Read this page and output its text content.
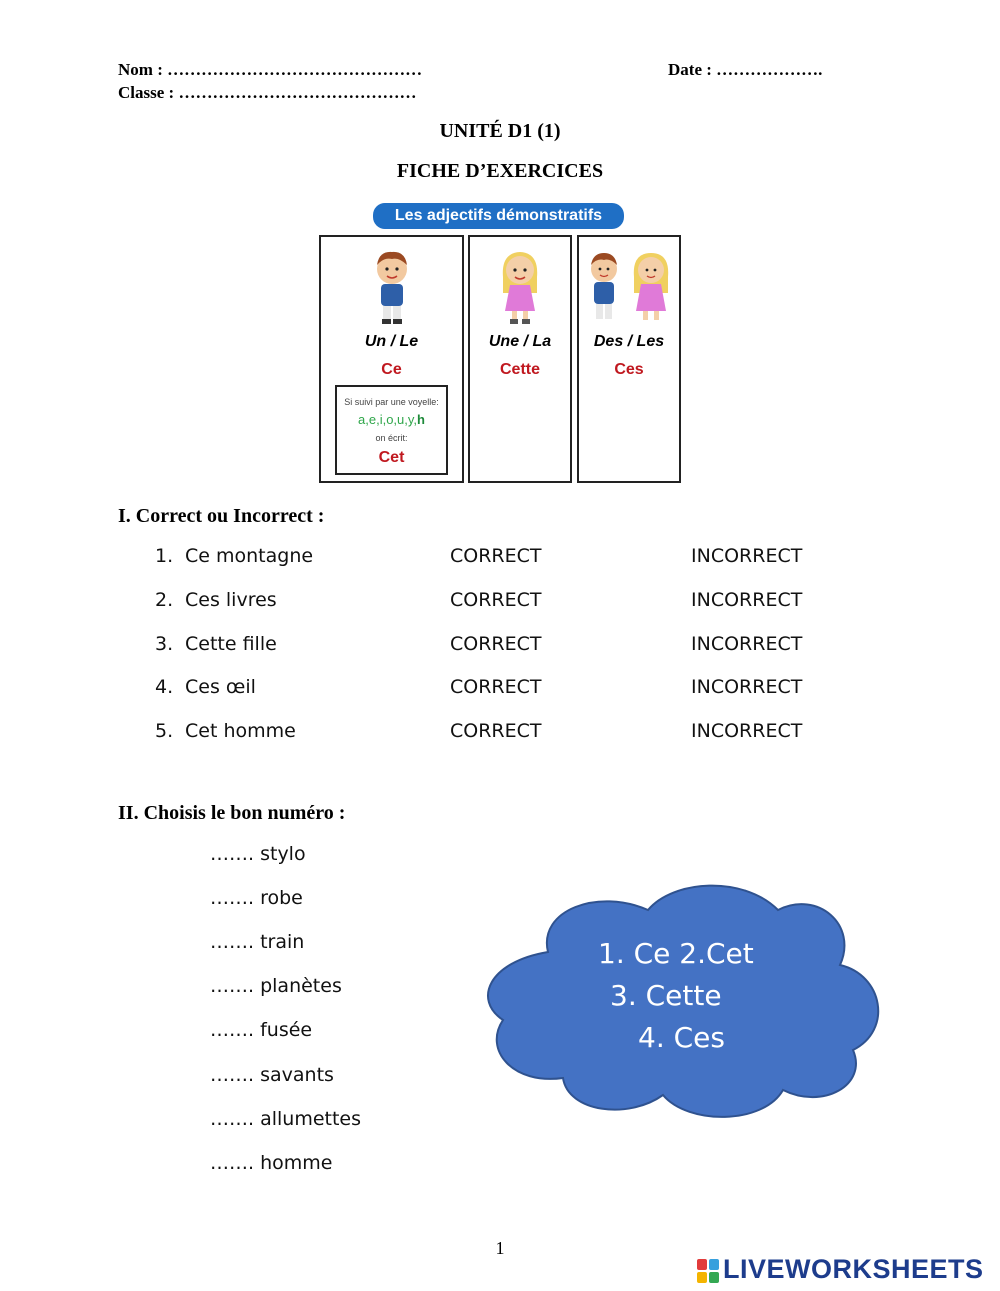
Nom : ………………………………………	Date : ……………….
Classe : ……………………………………
UNITÉ D1 (1)
FICHE D’EXERCICES
Les adjectifs démonstratifs
Un / Le
Ce
Si suivi par une voyelle:
a,e,i,o,u,y,h
on écrit:
Cet
Une / La
Cette
Des / Les
Ces
I. Correct ou Incorrect :
1. Ce montagne	CORRECT	INCORRECT
2. Ces livres	CORRECT	INCORRECT
3. Cette fille	CORRECT	INCORRECT
4. Ces œil	CORRECT	INCORRECT
5. Cet homme	CORRECT	INCORRECT
II. Choisis le bon numéro :
……. stylo
……. robe
……. train
……. planètes
……. fusée
……. savants
……. allumettes
……. homme
1. Ce 2.Cet
3. Cette
4. Ces
1
LIVEWORKSHEETS
